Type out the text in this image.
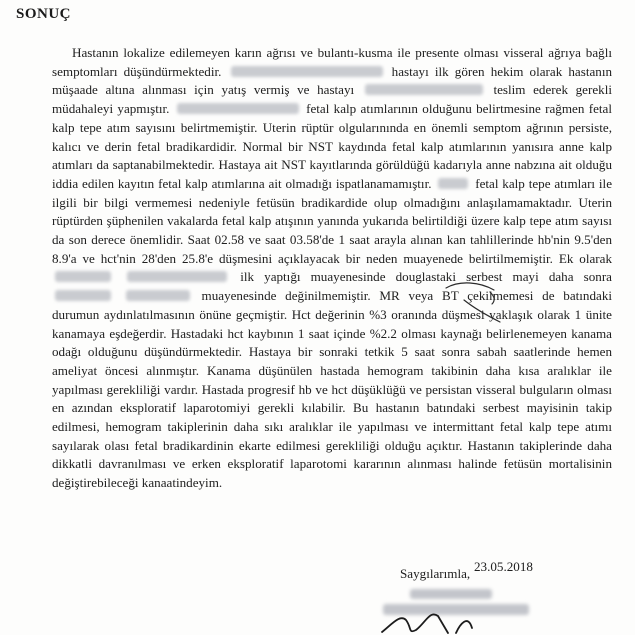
SONUÇ

Hastanın lokalize edilemeyen karın ağrısı ve bulantı-kusma ile presente olması visseral ağrıya bağlı semptomları düşündürmektedir.	hastayı ilk gören hekim olarak hastanın müşaade altına alınması için yatış vermiş ve hastayı	teslim ederek gerekli müdahaleyi yapmıştır.	fetal kalp atımlarının olduğunu belirtmesine rağmen fetal kalp tepe atım sayısını belirtmemiştir. Uterin rüptür olgularınında en önemli semptom ağrının persiste, kalıcı ve derin fetal bradikardidir. Normal bir NST kaydında fetal kalp atımlarının yanısıra anne kalp atımları da saptanabilmektedir. Hastaya ait NST kayıtlarında görüldüğü kadarıyla anne nabzına ait olduğu iddia edilen kayıtın fetal kalp atımlarına ait olmadığı ispatlanamamıştır.	fetal kalp tepe atımları ile ilgili bir bilgi vermemesi nedeniyle fetüsün bradikardide olup olmadığını anlaşılamamaktadır. Uterin rüptürden şüphenilen vakalarda fetal kalp atışının yanında yukarıda belirtildiği üzere kalp tepe atım sayısı da son derece önemlidir. Saat 02.58 ve saat 03.58'de 1 saat arayla alınan kan tahlillerinde hb'nin 9.5'den 8.9'a ve hct'nin 28'den 25.8'e düşmesini açıklayacak bir neden muayenede belirtilmemiştir. Ek olarak   ilk yaptığı muayenesinde douglastaki serbest mayi daha sonra   muayenesinde değinilmemiştir. MR veya BT çekilmemesi de batındaki durumun aydınlatılmasının önüne geçmiştir. Hct değerinin %3 oranında düşmesi yaklaşık olarak 1 ünite kanamaya eşdeğerdir. Hastadaki hct kaybının 1 saat içinde %2.2 olması kaynağı belirlenemeyen kanama odağı olduğunu düşündürmektedir. Hastaya bir sonraki tetkik 5 saat sonra sabah saatlerinde hemen ameliyat öncesi alınmıştır. Kanama düşünülen hastada hemogram takibinin daha kısa aralıklar ile yapılması gerekliliği vardır. Hastada progresif hb ve hct düşüklüğü ve persistan visseral bulguların olması en azından eksploratif laparotomiyi gerekli kılabilir. Bu hastanın batındaki serbest mayisinin takip edilmesi, hemogram takiplerinin daha sıkı aralıklar ile yapılması ve intermittant fetal kalp tepe atımı sayılarak olası fetal bradikardinin ekarte edilmesi gerekliliği olduğu açıktır. Hastanın takiplerinde daha dikkatli davranılması ve erken eksploratif laparotomi kararının alınması halinde fetüsün mortalisinin değiştirebileceği kanaatindeyim.

23.05.2018
Saygılarımla,
